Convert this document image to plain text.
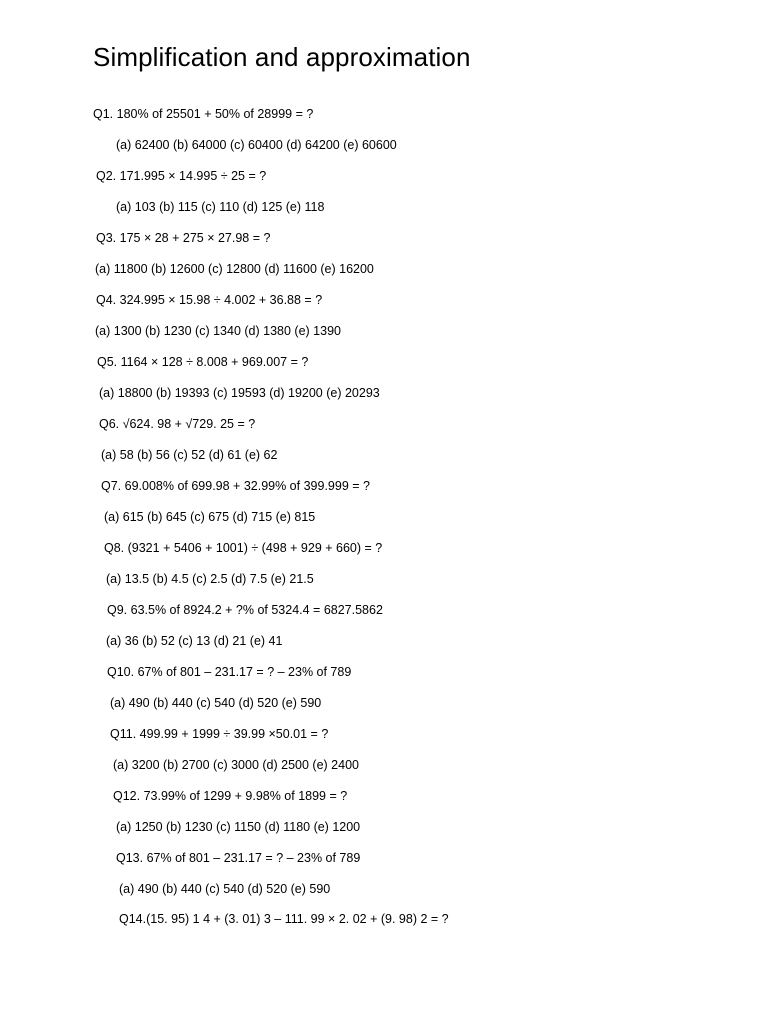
Simplification and approximation
Q1. 180% of 25501 + 50% of 28999 = ?
(a) 62400 (b) 64000 (c) 60400 (d) 64200 (e) 60600
Q2. 171.995 × 14.995 ÷ 25 = ?
(a) 103 (b) 115 (c) 110 (d) 125 (e) 118
Q3. 175 × 28 + 275 × 27.98 = ?
(a) 11800 (b) 12600 (c) 12800 (d) 11600 (e) 16200
Q4. 324.995 × 15.98 ÷ 4.002 + 36.88 = ?
(a) 1300 (b) 1230 (c) 1340 (d) 1380 (e) 1390
Q5. 1164 × 128 ÷ 8.008 + 969.007 = ?
(a) 18800 (b) 19393 (c) 19593 (d) 19200 (e) 20293
Q6. √624. 98 + √729. 25 = ?
(a) 58 (b) 56 (c) 52 (d) 61 (e) 62
Q7. 69.008% of 699.98 + 32.99% of 399.999 = ?
(a) 615 (b) 645 (c) 675 (d) 715 (e) 815
Q8. (9321 + 5406 + 1001) ÷ (498 + 929 + 660) = ?
(a) 13.5 (b) 4.5 (c) 2.5 (d) 7.5 (e) 21.5
Q9. 63.5% of 8924.2 + ?% of 5324.4 = 6827.5862
(a) 36 (b) 52 (c) 13 (d) 21 (e) 41
Q10. 67% of 801 – 231.17 = ? – 23% of 789
(a) 490 (b) 440 (c) 540 (d) 520 (e) 590
Q11. 499.99 + 1999 ÷ 39.99 ×50.01 = ?
(a) 3200 (b) 2700 (c) 3000 (d) 2500 (e) 2400
Q12. 73.99% of 1299 + 9.98% of 1899 = ?
(a) 1250 (b) 1230 (c) 1150 (d) 1180 (e) 1200
Q13. 67% of 801 – 231.17 = ? – 23% of 789
(a) 490 (b) 440 (c) 540 (d) 520 (e) 590
Q14.(15. 95) 1 4 + (3. 01) 3 – 111. 99 × 2. 02 + (9. 98) 2 = ?
